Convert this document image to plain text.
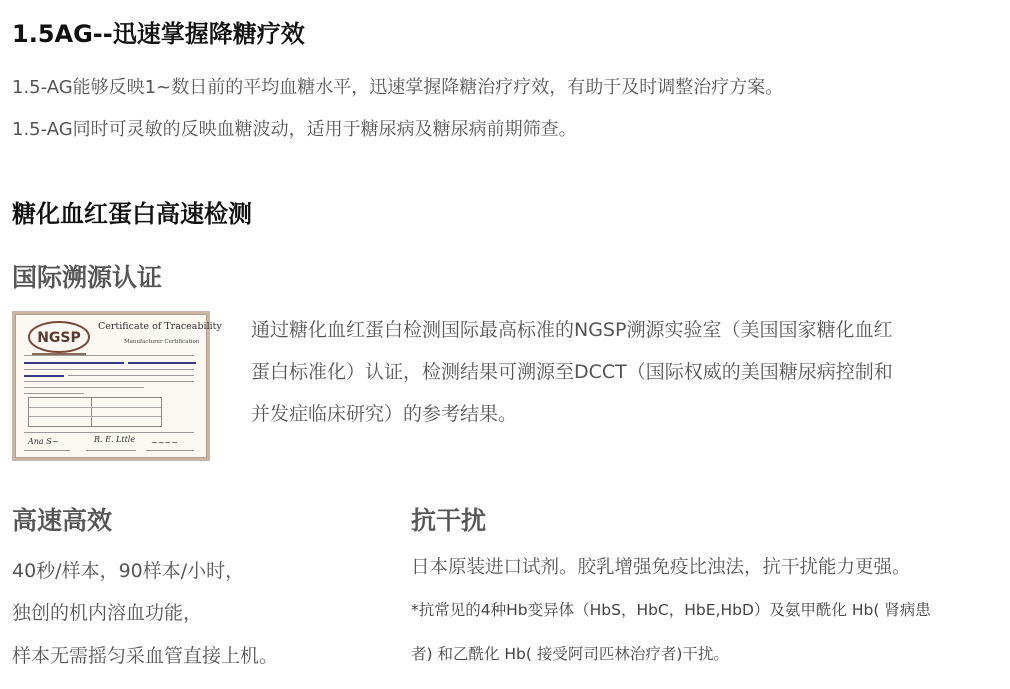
1.5AG--迅速掌握降糖疗效
1.5-AG能够反映1~数日前的平均血糖水平，迅速掌握降糖治疗疗效，有助于及时调整治疗方案。
1.5-AG同时可灵敏的反映血糖波动，适用于糖尿病及糖尿病前期筛查。
糖化血红蛋白高速检测
国际溯源认证
NGSP
Certificate of Traceability
Manufacturer Certification
Ana S~	R. E. Lttle ~~~~
通过糖化血红蛋白检测国际最高标准的NGSP溯源实验室（美国国家糖化血红
蛋白标准化）认证，检测结果可溯源至DCCT（国际权威的美国糖尿病控制和
并发症临床研究）的参考结果。
高速高效
40秒/样本，90样本/小时，
独创的机内溶血功能，
样本无需摇匀采血管直接上机。
抗干扰
日本原装进口试剂。胶乳增强免疫比浊法，抗干扰能力更强。
*抗常见的4种Hb变异体（HbS，HbC，HbE,HbD）及氨甲酰化 Hb( 肾病患
者) 和乙酰化 Hb( 接受阿司匹林治疗者)干扰。
